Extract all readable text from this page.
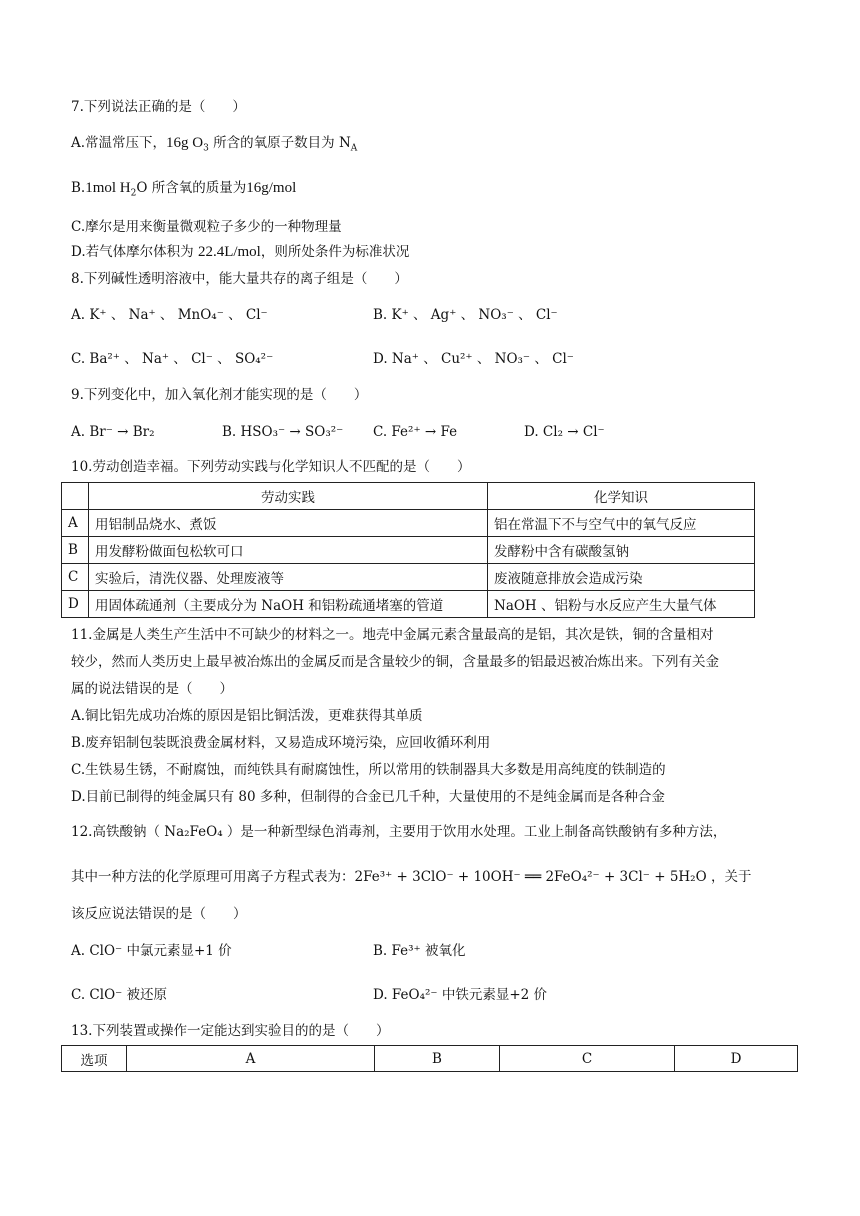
7.下列说法正确的是（　　）
A.常温常压下，16g $O_3$ 所含的氧原子数目为 $N_A$
B.1mol $H_2O$ 所含氧的质量为16g/mol
C.摩尔是用来衡量微观粒子多少的一种物理量
D.若气体摩尔体积为 22.4L/mol，则所处条件为标准状况
8.下列碱性透明溶液中，能大量共存的离子组是（　　）
A. K⁺ 、 Na⁺ 、 MnO₄⁻ 、 Cl⁻	B. K⁺ 、 Ag⁺ 、 NO₃⁻ 、 Cl⁻
C. Ba²⁺ 、 Na⁺ 、 Cl⁻ 、 SO₄²⁻	D. Na⁺ 、 Cu²⁺ 、 NO₃⁻ 、 Cl⁻
9.下列变化中，加入氧化剂才能实现的是（　　）
A. Br⁻ → Br₂	B. HSO₃⁻ → SO₃²⁻ C. Fe²⁺ → Fe	D. Cl₂ → Cl⁻
10.劳动创造幸福。下列劳动实践与化学知识人不匹配的是（　　）
	劳动实践	化学知识
A	用铝制品烧水、煮饭	铝在常温下不与空气中的氧气反应
B	用发酵粉做面包松软可口	发酵粉中含有碳酸氢钠
C	实验后，清洗仪器、处理废液等	废液随意排放会造成污染
D	用固体疏通剂（主要成分为 NaOH 和铝粉疏通堵塞的管道	NaOH 、铝粉与水反应产生大量气体
11.金属是人类生产生活中不可缺少的材料之一。地壳中金属元素含量最高的是铝，其次是铁，铜的含量相对
较少，然而人类历史上最早被冶炼出的金属反而是含量较少的铜，含量最多的铝最迟被冶炼出来。下列有关金
属的说法错误的是（　　）
A.铜比铝先成功冶炼的原因是铝比铜活泼，更难获得其单质
B.废弃铝制包装既浪费金属材料，又易造成环境污染，应回收循环利用
C.生铁易生锈，不耐腐蚀，而纯铁具有耐腐蚀性，所以常用的铁制器具大多数是用高纯度的铁制造的
D.目前已制得的纯金属只有 80 多种，但制得的合金已几千种，大量使用的不是纯金属而是各种合金
12.高铁酸钠（ Na₂FeO₄ ）是一种新型绿色消毒剂，主要用于饮用水处理。工业上制备高铁酸钠有多种方法，
其中一种方法的化学原理可用离子方程式表为：2Fe³⁺ + 3ClO⁻ + 10OH⁻ ══ 2FeO₄²⁻ + 3Cl⁻ + 5H₂O ，关于
该反应说法错误的是（　　）
A. ClO⁻ 中氯元素显+1 价	B. Fe³⁺ 被氧化
C. ClO⁻ 被还原	D. FeO₄²⁻ 中铁元素显+2 价
13.下列装置或操作一定能达到实验目的的是（　　）
选项	A	B	C	D
